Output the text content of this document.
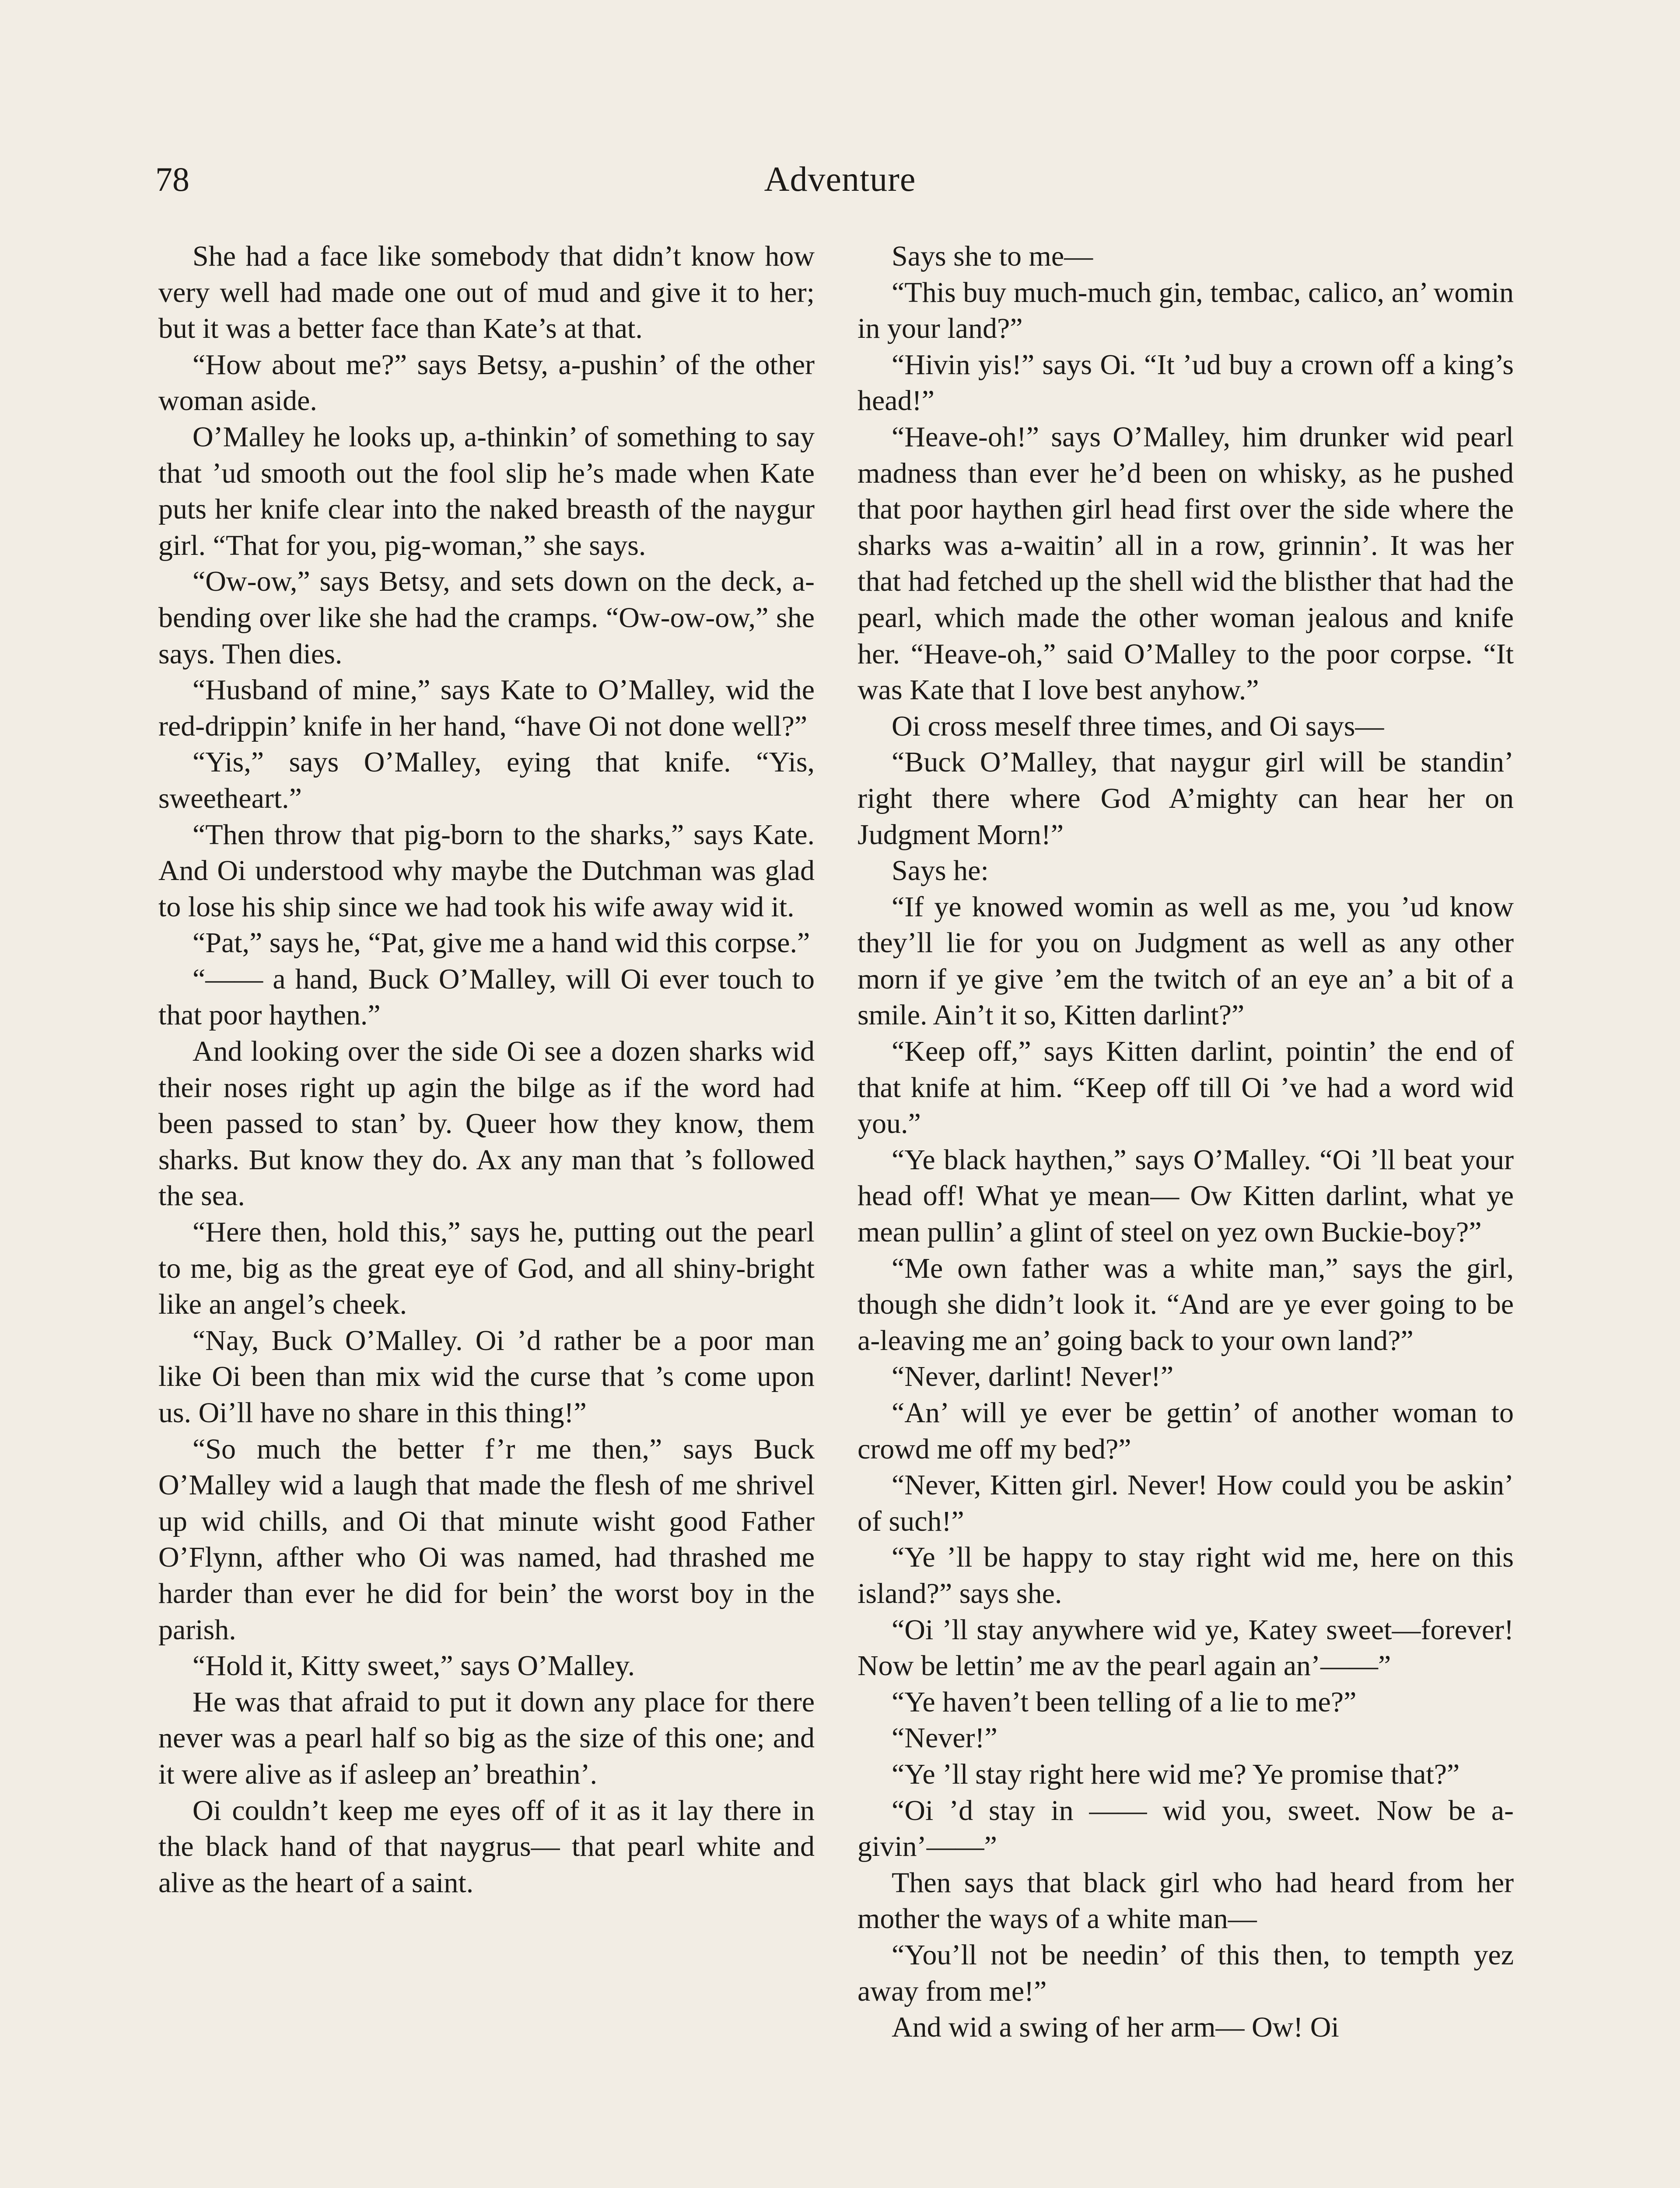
78	Adventure

She had a face like somebody that didn’t know how very well had made one out of mud and give it to her; but it was a better face than Kate’s at that.

“How about me?” says Betsy, a-pushin’ of the other woman aside.

O’Malley he looks up, a-thinkin’ of something to say that ’ud smooth out the fool slip he’s made when Kate puts her knife clear into the naked breasth of the naygur girl. “That for you, pig-woman,” she says.

“Ow-ow,” says Betsy, and sets down on the deck, a-bending over like she had the cramps. “Ow-ow-ow,” she says. Then dies.

“Husband of mine,” says Kate to O’Malley, wid the red-drippin’ knife in her hand, “have Oi not done well?”

“Yis,” says O’Malley, eying that knife. “Yis, sweetheart.”

“Then throw that pig-born to the sharks,” says Kate. And Oi understood why maybe the Dutchman was glad to lose his ship since we had took his wife away wid it.

“Pat,” says he, “Pat, give me a hand wid this corpse.”

“—— a hand, Buck O’Malley, will Oi ever touch to that poor haythen.”

And looking over the side Oi see a dozen sharks wid their noses right up agin the bilge as if the word had been passed to stan’ by. Queer how they know, them sharks. But know they do. Ax any man that ’s followed the sea.

“Here then, hold this,” says he, putting out the pearl to me, big as the great eye of God, and all shiny-bright like an angel’s cheek.

“Nay, Buck O’Malley. Oi ’d rather be a poor man like Oi been than mix wid the curse that ’s come upon us. Oi’ll have no share in this thing!”

“So much the better f’r me then,” says Buck O’Malley wid a laugh that made the flesh of me shrivel up wid chills, and Oi that minute wisht good Father O’Flynn, afther who Oi was named, had thrashed me harder than ever he did for bein’ the worst boy in the parish.

“Hold it, Kitty sweet,” says O’Malley.

He was that afraid to put it down any place for there never was a pearl half so big as the size of this one; and it were alive as if asleep an’ breathin’.

Oi couldn’t keep me eyes off of it as it lay there in the black hand of that naygrus— that pearl white and alive as the heart of a saint.

Says she to me—

“This buy much-much gin, tembac, calico, an’ womin in your land?”

“Hivin yis!” says Oi. “It ’ud buy a crown off a king’s head!”

“Heave-oh!” says O’Malley, him drunker wid pearl madness than ever he’d been on whisky, as he pushed that poor haythen girl head first over the side where the sharks was a-waitin’ all in a row, grinnin’. It was her that had fetched up the shell wid the blisther that had the pearl, which made the other woman jealous and knife her. “Heave-oh,” said O’Malley to the poor corpse. “It was Kate that I love best anyhow.”

Oi cross meself three times, and Oi says—

“Buck O’Malley, that naygur girl will be standin’ right there where God A’mighty can hear her on Judgment Morn!”

Says he:

“If ye knowed womin as well as me, you ’ud know they’ll lie for you on Judgment as well as any other morn if ye give ’em the twitch of an eye an’ a bit of a smile. Ain’t it so, Kitten darlint?”

“Keep off,” says Kitten darlint, pointin’ the end of that knife at him. “Keep off till Oi ’ve had a word wid you.”

“Ye black haythen,” says O’Malley. “Oi ’ll beat your head off! What ye mean— Ow Kitten darlint, what ye mean pullin’ a glint of steel on yez own Buckie-boy?”

“Me own father was a white man,” says the girl, though she didn’t look it. “And are ye ever going to be a-leaving me an’ going back to your own land?”

“Never, darlint! Never!”

“An’ will ye ever be gettin’ of another woman to crowd me off my bed?”

“Never, Kitten girl. Never! How could you be askin’ of such!”

“Ye ’ll be happy to stay right wid me, here on this island?” says she.

“Oi ’ll stay anywhere wid ye, Katey sweet—forever! Now be lettin’ me av the pearl again an’——”

“Ye haven’t been telling of a lie to me?”

“Never!”

“Ye ’ll stay right here wid me? Ye promise that?”

“Oi ’d stay in —— wid you, sweet. Now be a-givin’——”

Then says that black girl who had heard from her mother the ways of a white man—

“You’ll not be needin’ of this then, to tempth yez away from me!”

And wid a swing of her arm— Ow! Oi
